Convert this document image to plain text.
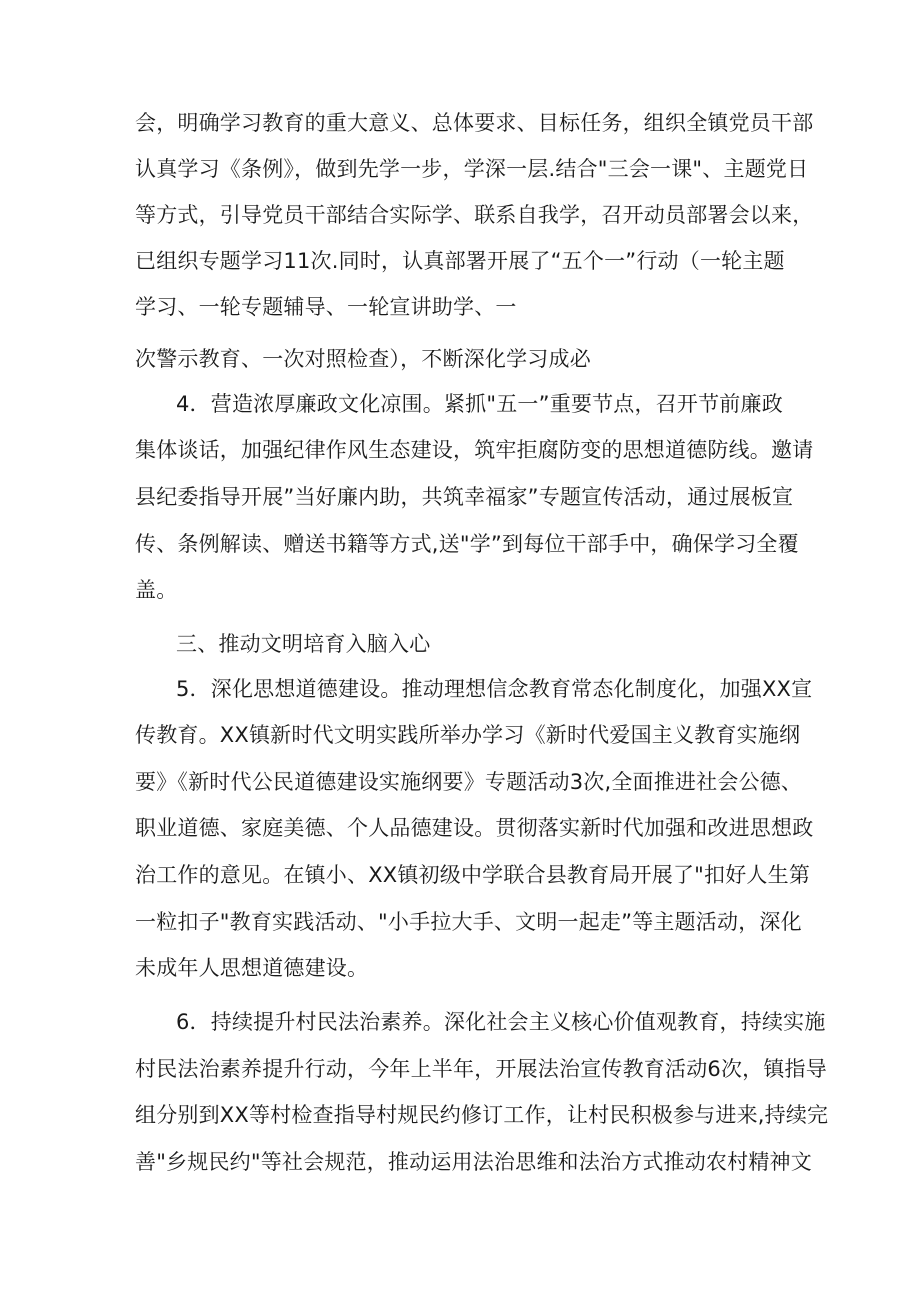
会，明确学习教育的重大意义、总体要求、目标任务，组织全镇党员干部
认真学习《条例》，做到先学一步，学深一层.结合"三会一课"、主题党日
等方式，引导党员干部结合实际学、联系自我学，召开动员部署会以来，
已组织专题学习11次.同时，认真部署开展了“五个一”行动（一轮主题
学习、一轮专题辅导、一轮宣讲助学、一
次警示教育、一次对照检查），不断深化学习成必
4．营造浓厚廉政文化凉围。紧抓"五一”重要节点，召开节前廉政
集体谈话，加强纪律作风生态建设，筑牢拒腐防变的思想道德防线。邀请
县纪委指导开展”当好廉内助，共筑幸福家”专题宣传活动，通过展板宣
传、条例解读、赠送书籍等方式,送"学”到每位干部手中，确保学习全覆
盖。
三、推动文明培育入脑入心
5．深化思想道德建设。推动理想信念教育常态化制度化，加强XX宣
传教育。XX镇新时代文明实践所举办学习《新时代爱国主义教育实施纲
要》《新时代公民道德建设实施纲要》专题活动3次,全面推进社会公德、
职业道德、家庭美德、个人品德建设。贯彻落实新时代加强和改进思想政
治工作的意见。在镇小、XX镇初级中学联合县教育局开展了"扣好人生第
一粒扣子"教育实践活动、"小手拉大手、文明一起走”等主题活动，深化
未成年人思想道德建设。
6．持续提升村民法治素养。深化社会主义核心价值观教育，持续实施
村民法治素养提升行动，今年上半年，开展法治宣传教育活动6次，镇指导
组分别到XX等村检查指导村规民约修订工作，让村民积极参与进来,持续完
善"乡规民约"等社会规范，推动运用法治思维和法治方式推动农村精神文
